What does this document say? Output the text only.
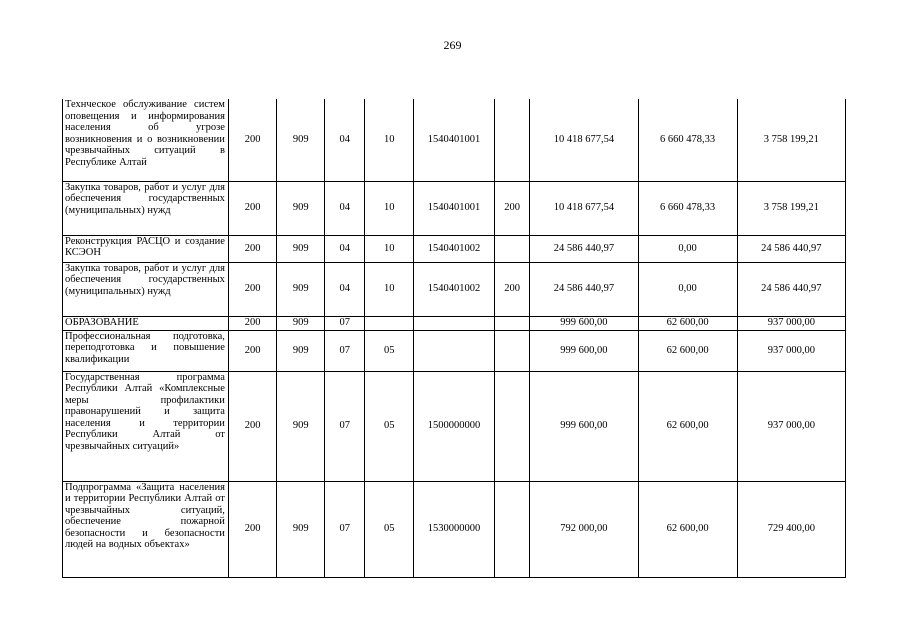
269
Технческое обслуживание систем оповещения и информирования населения об угрозе возникновения и о возникновении чрезвычайных ситуаций в Республике Алтай	200	909	04	10	1540401001		10 418 677,54	6 660 478,33	3 758 199,21
Закупка товаров, работ и услуг для обеспечения государственных (муниципальных) нужд	200	909	04	10	1540401001	200	10 418 677,54	6 660 478,33	3 758 199,21
Реконструкция РАСЦО и создание КСЭОН	200	909	04	10	1540401002		24 586 440,97	0,00	24 586 440,97
Закупка товаров, работ и услуг для обеспечения государственных (муниципальных) нужд	200	909	04	10	1540401002	200	24 586 440,97	0,00	24 586 440,97
ОБРАЗОВАНИЕ	200	909	07				999 600,00	62 600,00	937 000,00
Профессиональная подготовка, переподготовка и повышение квалификации	200	909	07	05			999 600,00	62 600,00	937 000,00
Государственная программа Республики Алтай «Комплексные меры профилактики правонарушений и защита населения и территории Республики Алтай от чрезвычайных ситуаций»	200	909	07	05	1500000000		999 600,00	62 600,00	937 000,00
Подпрограмма «Защита населения и территории Республики Алтай от чрезвычайных ситуаций, обеспечение пожарной безопасности и безопасности людей на водных объектах»	200	909	07	05	1530000000		792 000,00	62 600,00	729 400,00
